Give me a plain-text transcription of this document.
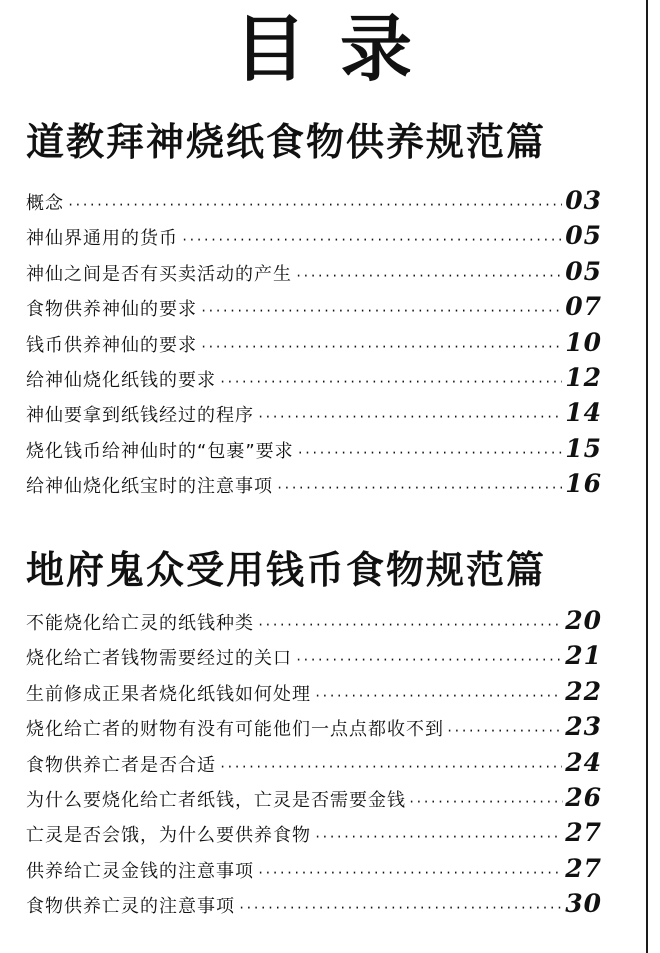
目录
道教拜神烧纸食物供养规范篇
概念 ·····	03
神仙界通用的货币 ·····	05
神仙之间是否有买卖活动的产生 ·····	05
食物供养神仙的要求 ·····	07
钱币供养神仙的要求 ·····	10
给神仙烧化纸钱的要求 ·····	12
神仙要拿到纸钱经过的程序 ·····	14
烧化钱币给神仙时的“包裹”要求 ·····	15
给神仙烧化纸宝时的注意事项 ·····	16
地府鬼众受用钱币食物规范篇
不能烧化给亡灵的纸钱种类 ·····	20
烧化给亡者钱物需要经过的关口 ·····	21
生前修成正果者烧化纸钱如何处理 ·····	22
烧化给亡者的财物有没有可能他们一点点都收不到 ·····	23
食物供养亡者是否合适 ·····	24
为什么要烧化给亡者纸钱，亡灵是否需要金钱 ·····	26
亡灵是否会饿，为什么要供养食物 ·····	27
供养给亡灵金钱的注意事项 ·····	27
食物供养亡灵的注意事项 ·····	30
